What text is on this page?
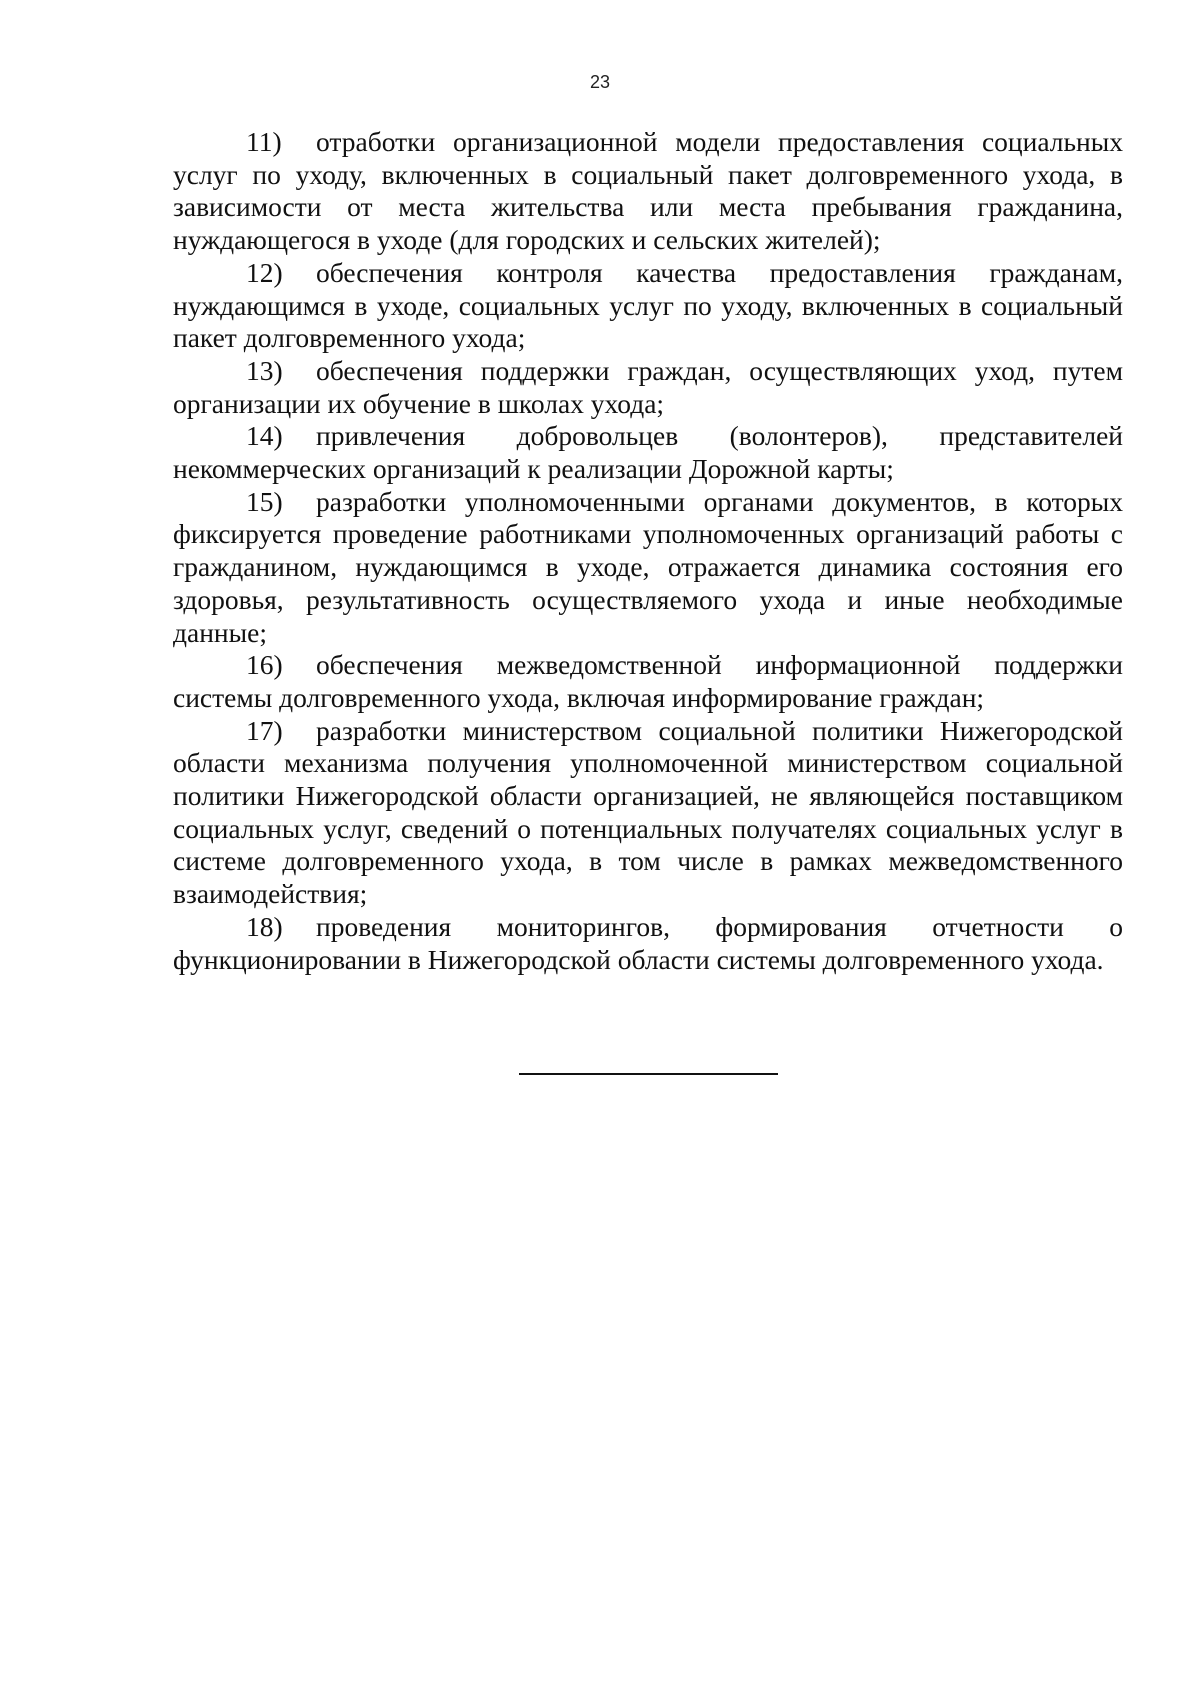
23

11) отработки организационной модели предоставления социальных услуг по уходу, включенных в социальный пакет долговременного ухода, в зависимости от места жительства или места пребывания гражданина, нуждающегося в уходе (для городских и сельских жителей);

12) обеспечения контроля качества предоставления гражданам, нуждающимся в уходе, социальных услуг по уходу, включенных в социальный пакет долговременного ухода;

13) обеспечения поддержки граждан, осуществляющих уход, путем организации их обучение в школах ухода;

14) привлечения добровольцев (волонтеров), представителей некоммерческих организаций к реализации Дорожной карты;

15) разработки уполномоченными органами документов, в которых фиксируется проведение работниками уполномоченных организаций работы с гражданином, нуждающимся в уходе, отражается динамика состояния его здоровья, результативность осуществляемого ухода и иные необходимые данные;

16) обеспечения межведомственной информационной поддержки системы долговременного ухода, включая информирование граждан;

17) разработки министерством социальной политики Нижегородской области механизма получения уполномоченной министерством социальной политики Нижегородской области организацией, не являющейся поставщиком социальных услуг, сведений о потенциальных получателях социальных услуг в системе долговременного ухода, в том числе в рамках межведомственного взаимодействия;

18) проведения мониторингов, формирования отчетности о функционировании в Нижегородской области системы долговременного ухода.
